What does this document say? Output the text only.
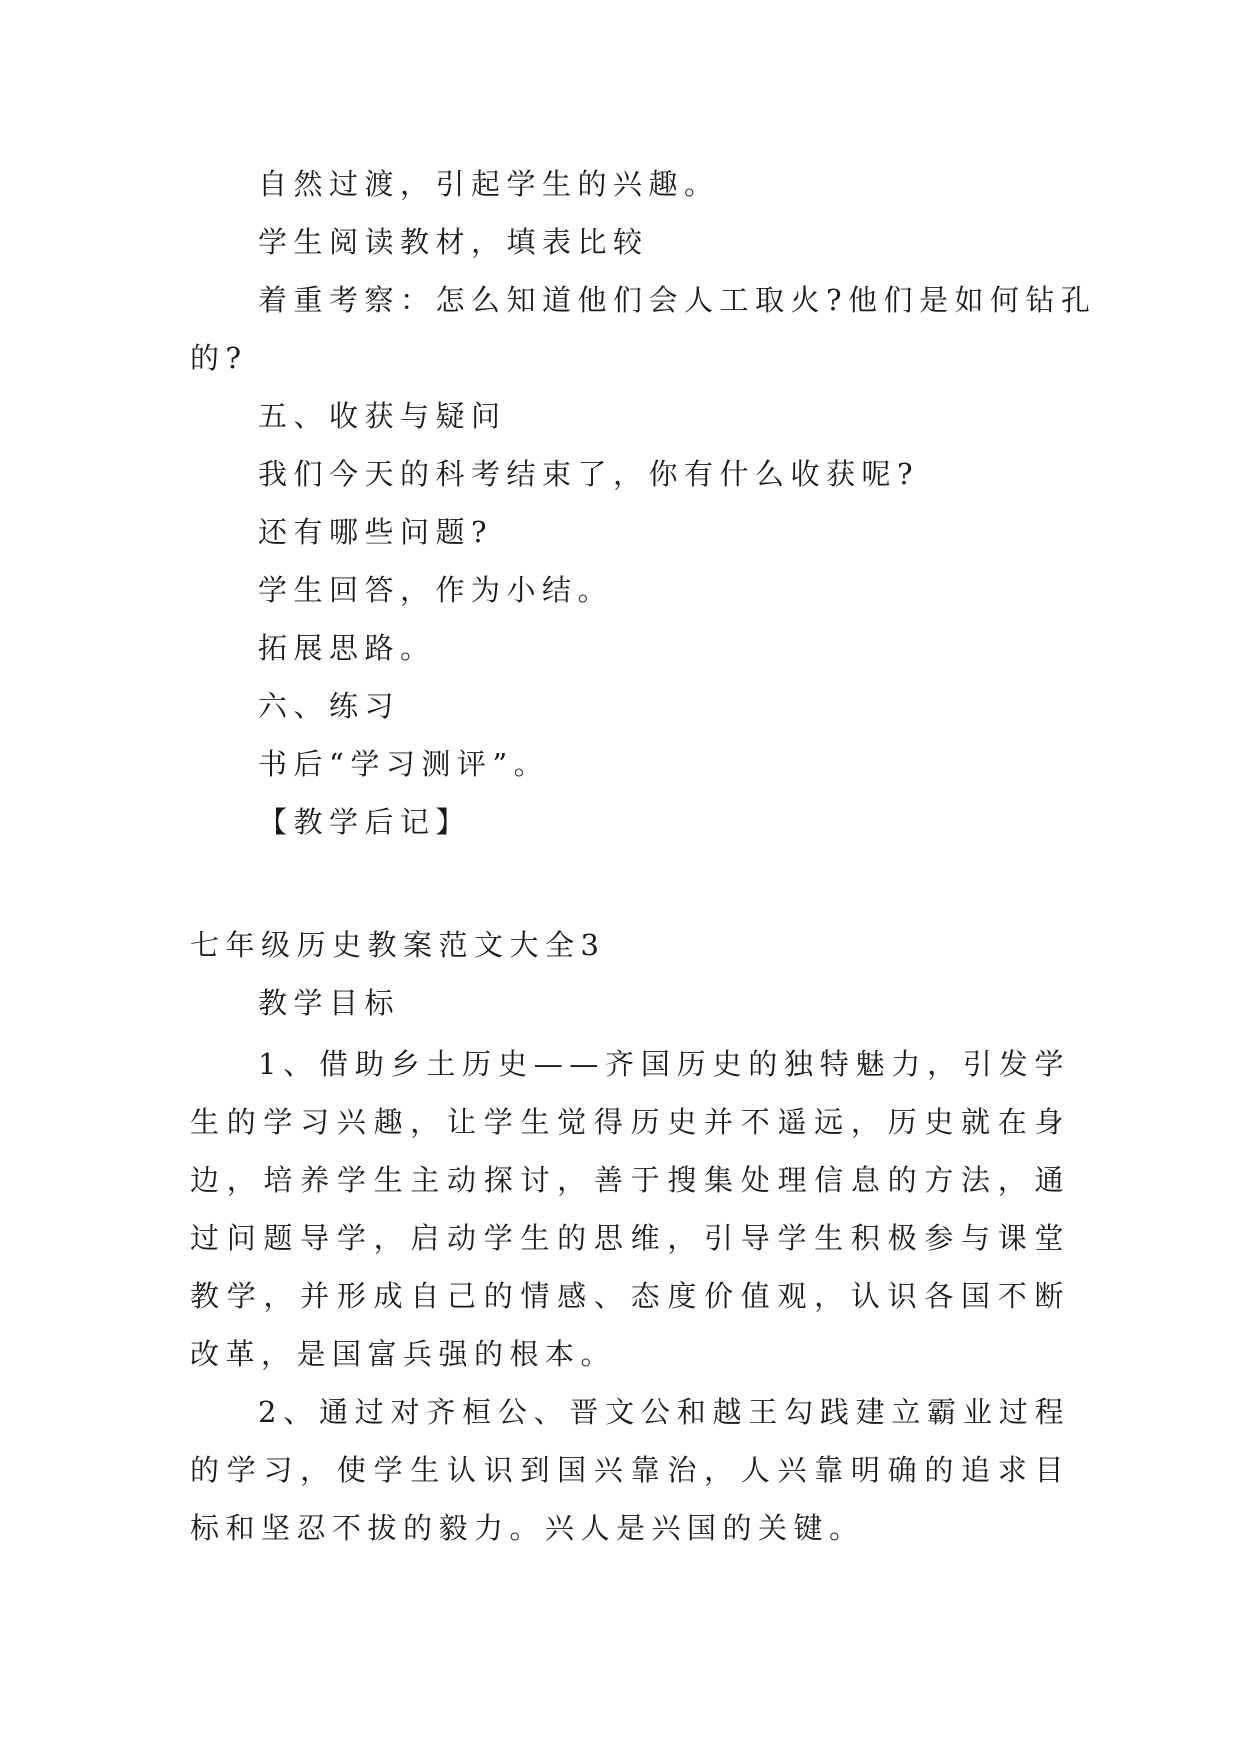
自然过渡，引起学生的兴趣。

学生阅读教材，填表比较

着重考察：怎么知道他们会人工取火?他们是如何钻孔

的?

五、收获与疑问

我们今天的科考结束了，你有什么收获呢?

还有哪些问题?

学生回答，作为小结。

拓展思路。

六、练习

书后“学习测评”。

【教学后记】

七年级历史教案范文大全3

教学目标

1、借助乡土历史——齐国历史的独特魅力，引发学生的学习兴趣，让学生觉得历史并不遥远，历史就在身边，培养学生主动探讨，善于搜集处理信息的方法，通过问题导学，启动学生的思维，引导学生积极参与课堂教学，并形成自己的情感、态度价值观，认识各国不断改革，是国富兵强的根本。

2、通过对齐桓公、晋文公和越王勾践建立霸业过程的学习，使学生认识到国兴靠治，人兴靠明确的追求目标和坚忍不拔的毅力。兴人是兴国的关键。
